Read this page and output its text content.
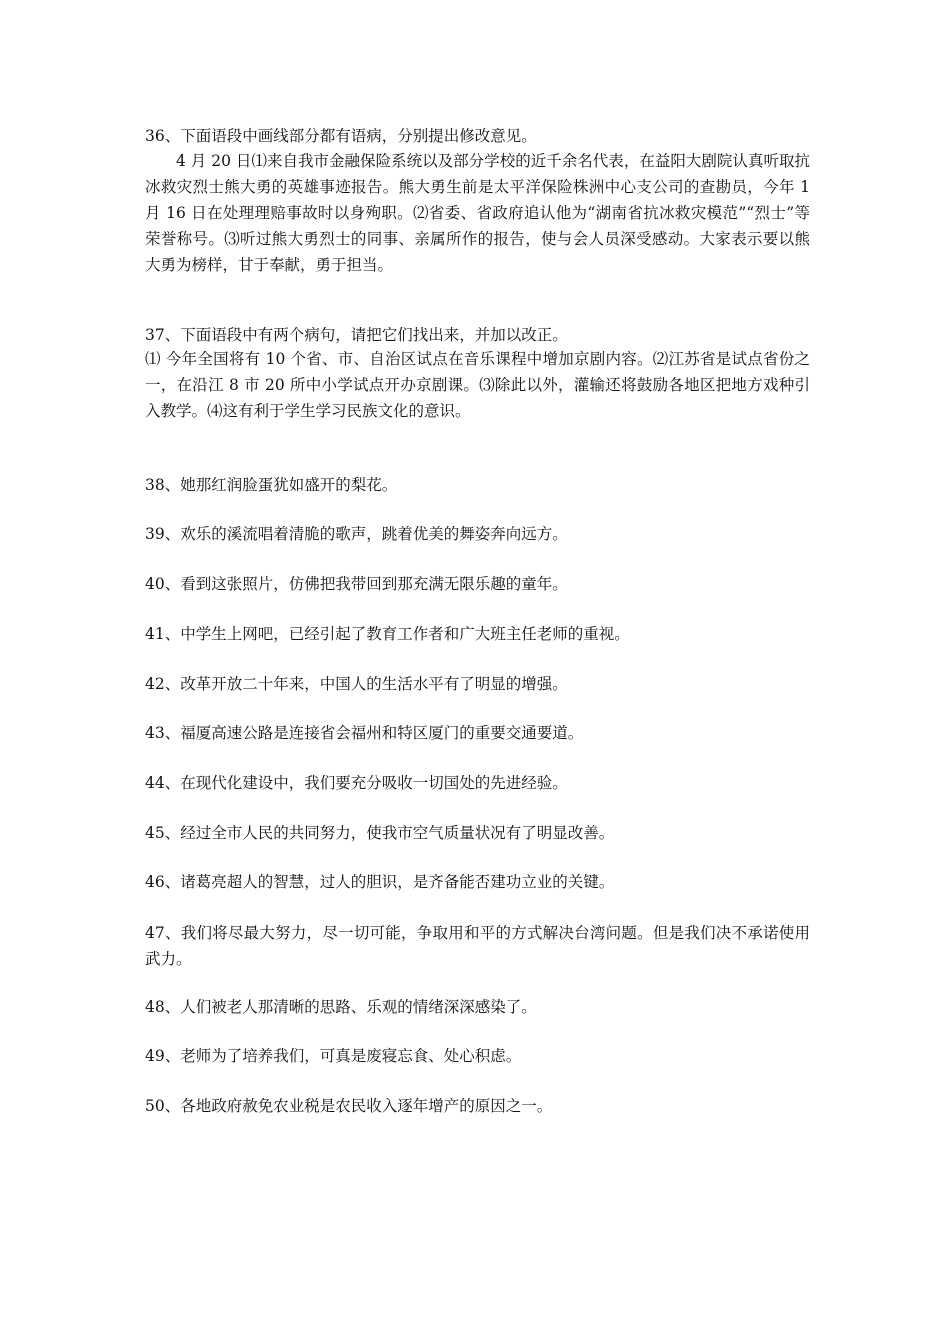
36、下面语段中画线部分都有语病，分别提出修改意见。
4 月 20 日⑴来自我市金融保险系统以及部分学校的近千余名代表，在益阳大剧院认真听取抗冰救灾烈士熊大勇的英雄事迹报告。熊大勇生前是太平洋保险株洲中心支公司的查勘员，今年 1 月 16 日在处理理赔事故时以身殉职。⑵省委、省政府追认他为“湖南省抗冰救灾模范”“烈士”等荣誉称号。⑶听过熊大勇烈士的同事、亲属所作的报告，使与会人员深受感动。大家表示要以熊大勇为榜样，甘于奉献，勇于担当。
37、下面语段中有两个病句，请把它们找出来，并加以改正。
⑴ 今年全国将有 10 个省、市、自治区试点在音乐课程中增加京剧内容。⑵江苏省是试点省份之一，在沿江 8 市 20 所中小学试点开办京剧课。⑶除此以外，灌输还将鼓励各地区把地方戏种引入教学。⑷这有利于学生学习民族文化的意识。
38、她那红润脸蛋犹如盛开的梨花。
39、欢乐的溪流唱着清脆的歌声，跳着优美的舞姿奔向远方。
40、看到这张照片，仿佛把我带回到那充满无限乐趣的童年。
41、中学生上网吧，已经引起了教育工作者和广大班主任老师的重视。
42、改革开放二十年来，中国人的生活水平有了明显的增强。
43、福厦高速公路是连接省会福州和特区厦门的重要交通要道。
44、在现代化建设中，我们要充分吸收一切国处的先进经验。
45、经过全市人民的共同努力，使我市空气质量状况有了明显改善。
46、诸葛亮超人的智慧，过人的胆识，是齐备能否建功立业的关键。
47、我们将尽最大努力，尽一切可能，争取用和平的方式解决台湾问题。但是我们决不承诺使用武力。
48、人们被老人那清晰的思路、乐观的情绪深深感染了。
49、老师为了培养我们，可真是废寝忘食、处心积虑。
50、各地政府赦免农业税是农民收入逐年增产的原因之一。
